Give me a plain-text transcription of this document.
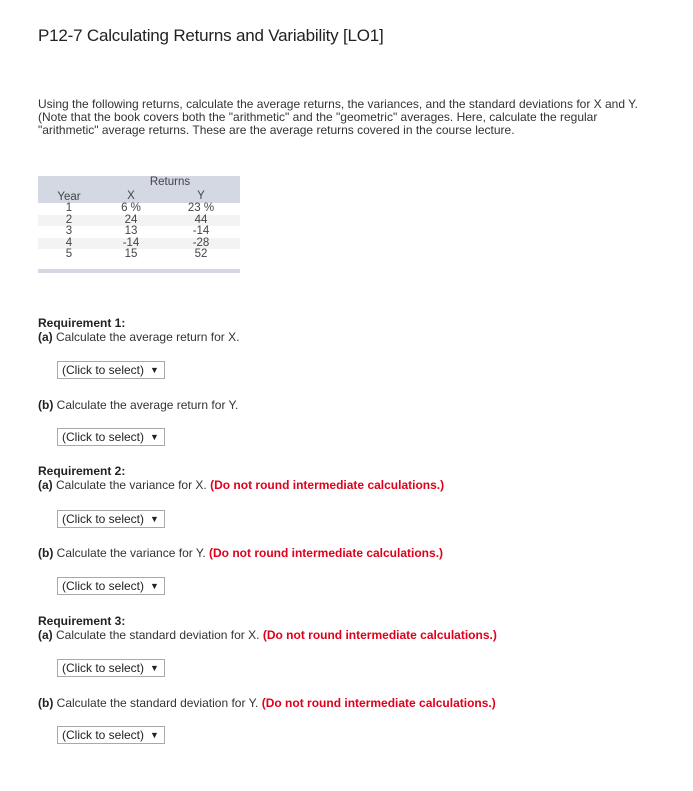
P12-7 Calculating Returns and Variability [LO1]

Using the following returns, calculate the average returns, the variances, and the standard deviations for X and Y.

(Note that the book covers both the "arithmetic" and the "geometric" averages. Here, calculate the regular "arithmetic" average returns. These are the average returns covered in the course lecture.

	Returns	
Year	X	Y
1	6 %	23 %
2	24	44
3	13	-14
4	-14	-28
5	15	52

Requirement 1:
(a) Calculate the average return for X.
(Click to select) ▼
(b) Calculate the average return for Y.
(Click to select) ▼
Requirement 2:
(a) Calculate the variance for X. (Do not round intermediate calculations.)
(Click to select) ▼
(b) Calculate the variance for Y. (Do not round intermediate calculations.)
(Click to select) ▼
Requirement 3:
(a) Calculate the standard deviation for X. (Do not round intermediate calculations.)
(Click to select) ▼
(b) Calculate the standard deviation for Y. (Do not round intermediate calculations.)
(Click to select) ▼
